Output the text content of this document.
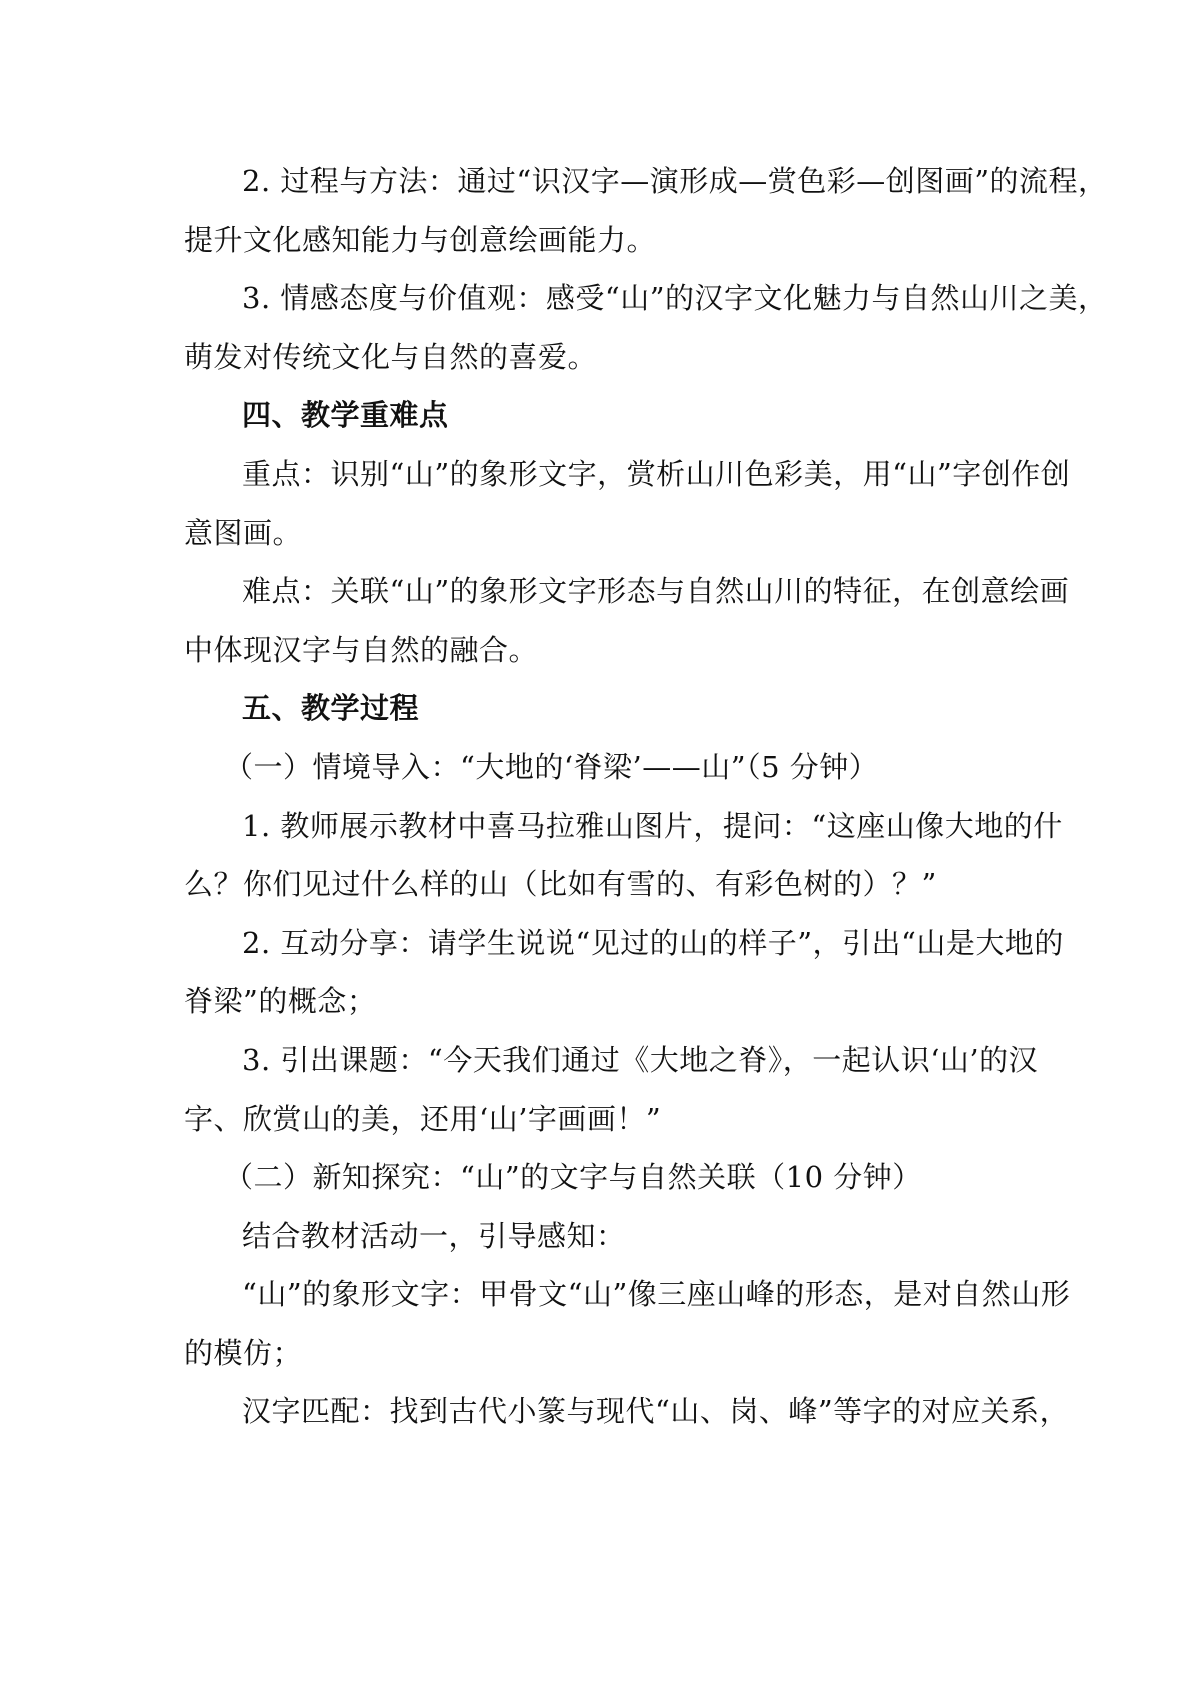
2. 过程与方法：通过“识汉字—演形成—赏色彩—创图画”的流程，
提升文化感知能力与创意绘画能力。
3. 情感态度与价值观：感受“山”的汉字文化魅力与自然山川之美，
萌发对传统文化与自然的喜爱。
四、教学重难点
重点：识别“山”的象形文字，赏析山川色彩美，用“山”字创作创
意图画。
难点：关联“山”的象形文字形态与自然山川的特征，在创意绘画
中体现汉字与自然的融合。
五、教学过程
（一）情境导入：“大地的‘脊梁’——山”（5 分钟）
1. 教师展示教材中喜马拉雅山图片，提问：“这座山像大地的什
么？你们见过什么样的山（比如有雪的、有彩色树的）？”
2. 互动分享：请学生说说“见过的山的样子”，引出“山是大地的
脊梁”的概念；
3. 引出课题：“今天我们通过《大地之脊》，一起认识‘山’的汉
字、欣赏山的美，还用‘山’字画画！”
（二）新知探究：“山”的文字与自然关联（10 分钟）
结合教材活动一，引导感知：
“山”的象形文字：甲骨文“山”像三座山峰的形态，是对自然山形
的模仿；
汉字匹配：找到古代小篆与现代“山、岗、峰”等字的对应关系，
